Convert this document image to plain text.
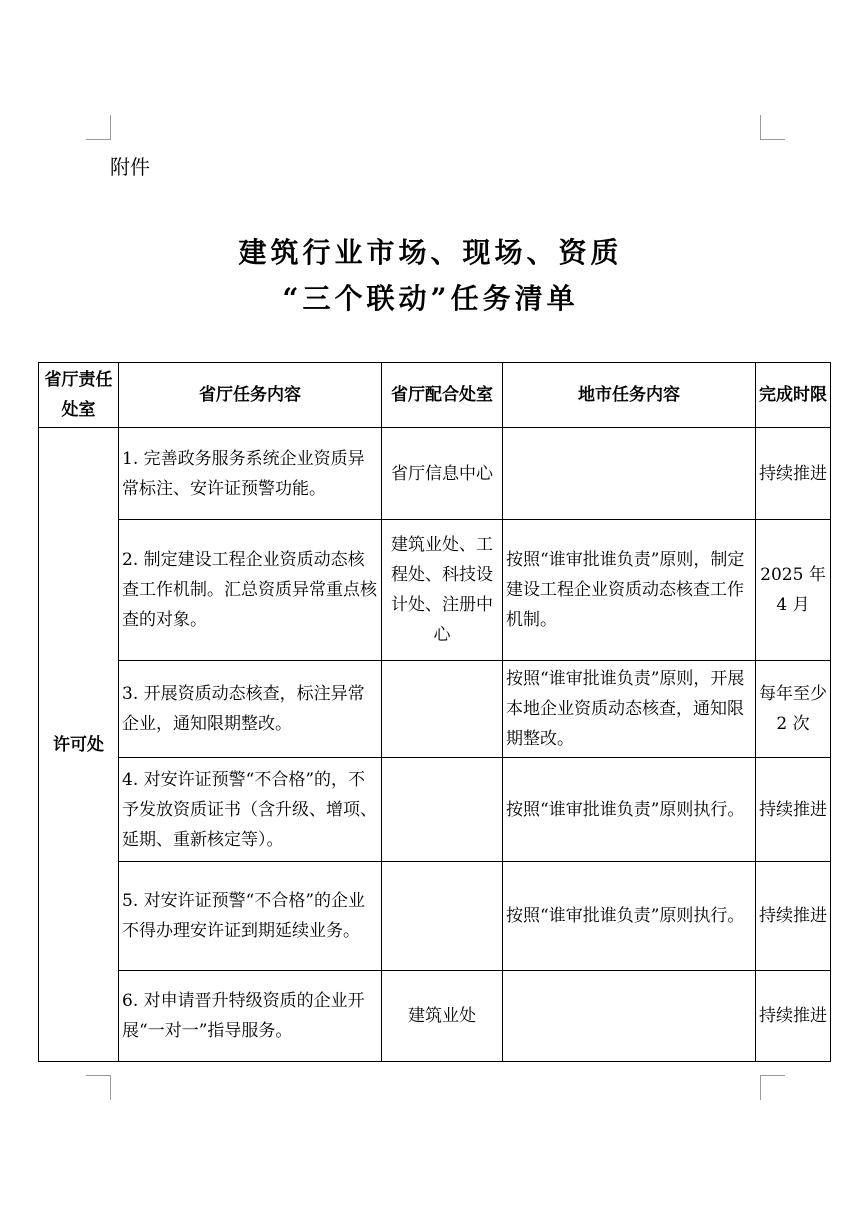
附件
建筑行业市场、现场、资质
“三个联动”任务清单
省厅责任处室	省厅任务内容	省厅配合处室	地市任务内容	完成时限
许可处	1. 完善政务服务系统企业资质异常标注、安许证预警功能。	省厅信息中心		持续推进
	2. 制定建设工程企业资质动态核查工作机制。汇总资质异常重点核查的对象。	建筑业处、工程处、科技设计处、注册中心	按照“谁审批谁负责”原则，制定建设工程企业资质动态核查工作机制。	2025 年 4 月
	3. 开展资质动态核查，标注异常企业，通知限期整改。		按照“谁审批谁负责”原则，开展本地企业资质动态核查，通知限期整改。	每年至少 2 次
	4. 对安许证预警“不合格”的，不予发放资质证书（含升级、增项、延期、重新核定等）。		按照“谁审批谁负责”原则执行。	持续推进
	5. 对安许证预警“不合格”的企业不得办理安许证到期延续业务。		按照“谁审批谁负责”原则执行。	持续推进
	6. 对申请晋升特级资质的企业开展“一对一”指导服务。	建筑业处		持续推进
